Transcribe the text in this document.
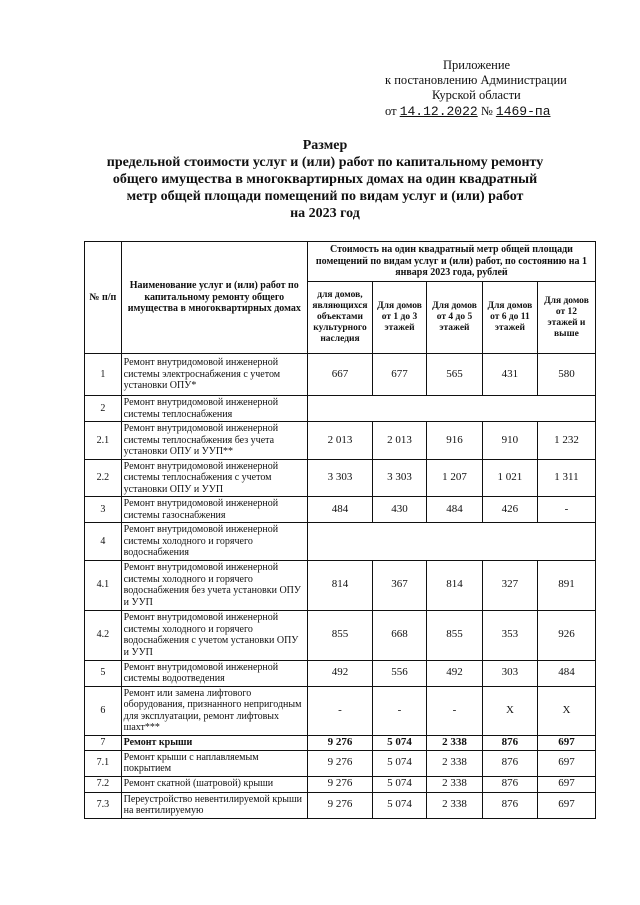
Приложение
к постановлению Администрации
Курской области
от 14.12.2022 № 1469-па
Размер
предельной стоимости услуг и (или) работ по капитальному ремонту
общего имущества в многоквартирных домах на один квадратный
метр общей площади помещений по видам услуг и (или) работ
на 2023 год
№ п/п	Наименование услуг и (или) работ по капитальному ремонту общего имущества в многоквартирных домах	Стоимость на один квадратный метр общей площади помещений по видам услуг и (или) работ, по состоянию на 1 января 2023 года, рублей				
		для домов, являющихся объектами культурного наследия	Для домов от 1 до 3 этажей	Для домов от 4 до 5 этажей	Для домов от 6 до 11 этажей	Для домов от 12 этажей и выше
1	Ремонт внутридомовой инженерной системы электроснабжения с учетом установки ОПУ*	667	677	565	431	580
2	Ремонт внутридомовой инженерной системы теплоснабжения					
2.1	Ремонт внутридомовой инженерной системы теплоснабжения без учета установки ОПУ и УУП**	2 013	2 013	916	910	1 232
2.2	Ремонт внутридомовой инженерной системы теплоснабжения с учетом установки ОПУ и УУП	3 303	3 303	1 207	1 021	1 311
3	Ремонт внутридомовой инженерной системы газоснабжения	484	430	484	426	-
4	Ремонт внутридомовой инженерной системы холодного и горячего водоснабжения					
4.1	Ремонт внутридомовой инженерной системы холодного и горячего водоснабжения без учета установки ОПУ и УУП	814	367	814	327	891
4.2	Ремонт внутридомовой инженерной системы холодного и горячего водоснабжения с учетом установки ОПУ и УУП	855	668	855	353	926
5	Ремонт внутридомовой инженерной системы водоотведения	492	556	492	303	484
6	Ремонт или замена лифтового оборудования, признанного непригодным для эксплуатации, ремонт лифтовых шахт***	-	-	-	X	X
7	Ремонт крыши	9 276	5 074	2 338	876	697
7.1	Ремонт крыши с наплавляемым покрытием	9 276	5 074	2 338	876	697
7.2	Ремонт скатной (шатровой) крыши	9 276	5 074	2 338	876	697
7.3	Переустройство невентилируемой крыши на вентилируемую	9 276	5 074	2 338	876	697
